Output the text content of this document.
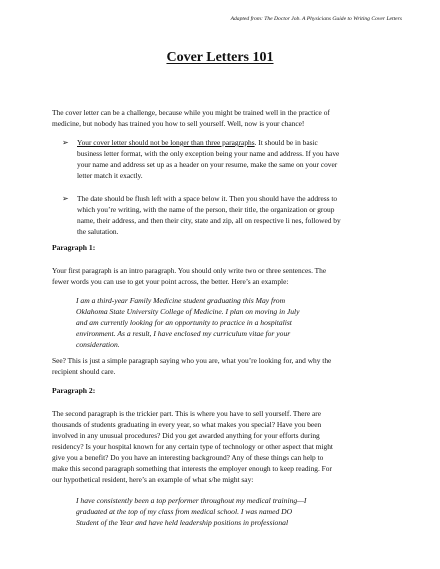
Adapted from: The Doctor Job. A Physicians Guide to Writing Cover Letters
Cover Letters 101
The cover letter can be a challenge, because while you might be trained well in the practice of
medicine, but nobody has trained you how to sell yourself. Well, now is your chance!
➢ Your cover letter should not be longer than three paragraphs. It should be in basic
business letter format, with the only exception being your name and address. If you have
your name and address set up as a header on your resume, make the same on your cover
letter match it exactly.
➢ The date should be flush left with a space below it. Then you should have the address to
which you’re writing, with the name of the person, their title, the organization or group
name, their address, and then their city, state and zip, all on respective li nes, followed by
the salutation.
Paragraph 1:
Your first paragraph is an intro paragraph. You should only write two or three sentences. The
fewer words you can use to get your point across, the better. Here’s an example:
I am a third-year Family Medicine student graduating this May from
Oklahoma State University College of Medicine. I plan on moving in July
and am currently looking for an opportunity to practice in a hospitalist
environment. As a result, I have enclosed my curriculum vitae for your
consideration.
See? This is just a simple paragraph saying who you are, what you’re looking for, and why the
recipient should care.
Paragraph 2:
The second paragraph is the trickier part. This is where you have to sell yourself. There are
thousands of students graduating in every year, so what makes you special? Have you been
involved in any unusual procedures? Did you get awarded anything for your efforts during
residency? Is your hospital known for any certain type of technology or other aspect that might
give you a benefit? Do you have an interesting background? Any of these things can help to
make this second paragraph something that interests the employer enough to keep reading. For
our hypothetical resident, here’s an example of what s/he might say:
I have consistently been a top performer throughout my medical training—I
graduated at the top of my class from medical school. I was named DO
Student of the Year and have held leadership positions in professional
